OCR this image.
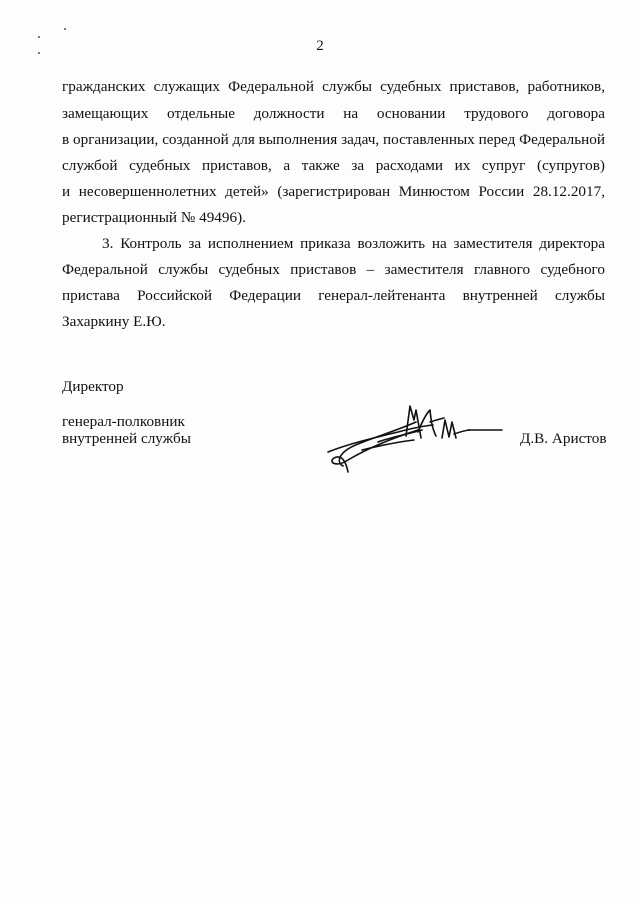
2
гражданских служащих Федеральной службы судебных приставов, работников,
замещающих отдельные должности на основании трудового договора
в организации, созданной для выполнения задач, поставленных перед Федеральной
службой судебных приставов, а также за расходами их супруг (супругов)
и несовершеннолетних детей» (зарегистрирован Минюстом России 28.12.2017,
регистрационный № 49496).
3. Контроль за исполнением приказа возложить на заместителя директора
Федеральной службы судебных приставов – заместителя главного судебного
пристава Российской Федерации генерал-лейтенанта внутренней службы
Захаркину Е.Ю.
Директор
генерал-полковник
внутренней службы	Д.В. Аристов
